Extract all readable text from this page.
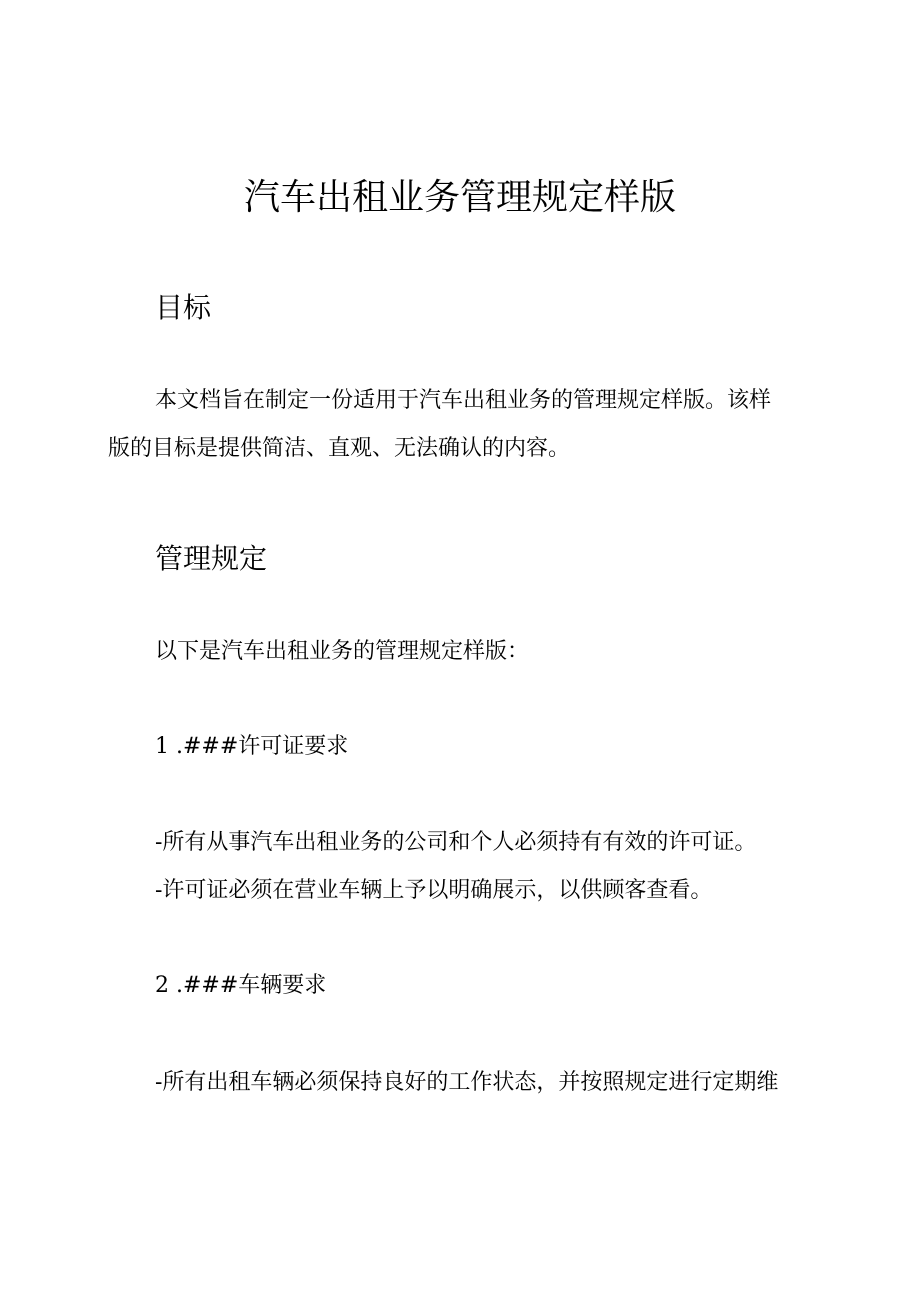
汽车出租业务管理规定样版
目标

本文档旨在制定一份适用于汽车出租业务的管理规定样版。该样

版的目标是提供简洁、直观、无法确认的内容。

管理规定

以下是汽车出租业务的管理规定样版：

1 .###许可证要求

-所有从事汽车出租业务的公司和个人必须持有有效的许可证。

-许可证必须在营业车辆上予以明确展示，以供顾客查看。

2 .###车辆要求

-所有出租车辆必须保持良好的工作状态，并按照规定进行定期维
